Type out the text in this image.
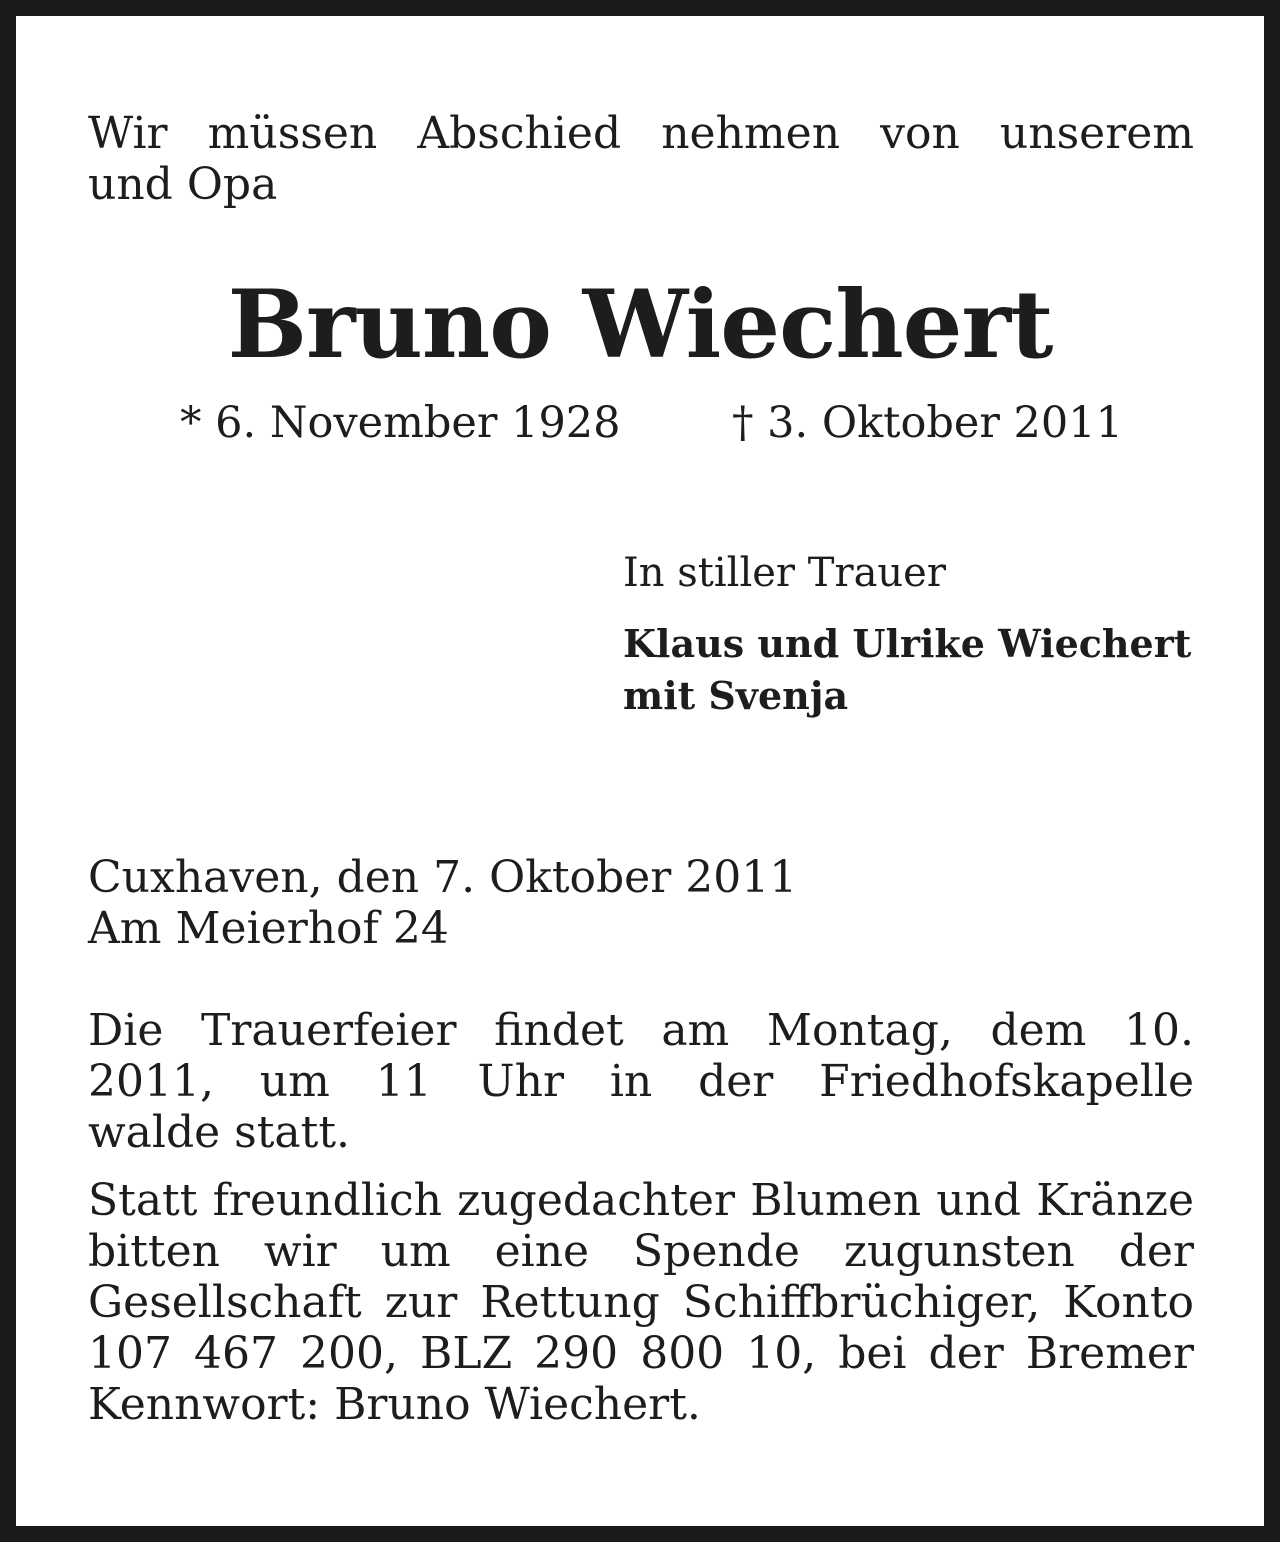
Wir müssen Abschied nehmen von unserem
und Opa
Bruno Wiechert
* 6. November 1928	† 3. Oktober 2011
In stiller Trauer
Klaus und Ulrike Wiechert
mit Svenja
Cuxhaven, den 7. Oktober 2011
Am Meierhof 24
Die Trauerfeier findet am Montag, dem 10.
2011, um 11 Uhr in der Friedhofskapelle
walde statt.
Statt freundlich zugedachter Blumen und Kränze
bitten wir um eine Spende zugunsten der
Gesellschaft zur Rettung Schiffbrüchiger, Konto
107 467 200, BLZ 290 800 10, bei der Bremer
Kennwort: Bruno Wiechert.
